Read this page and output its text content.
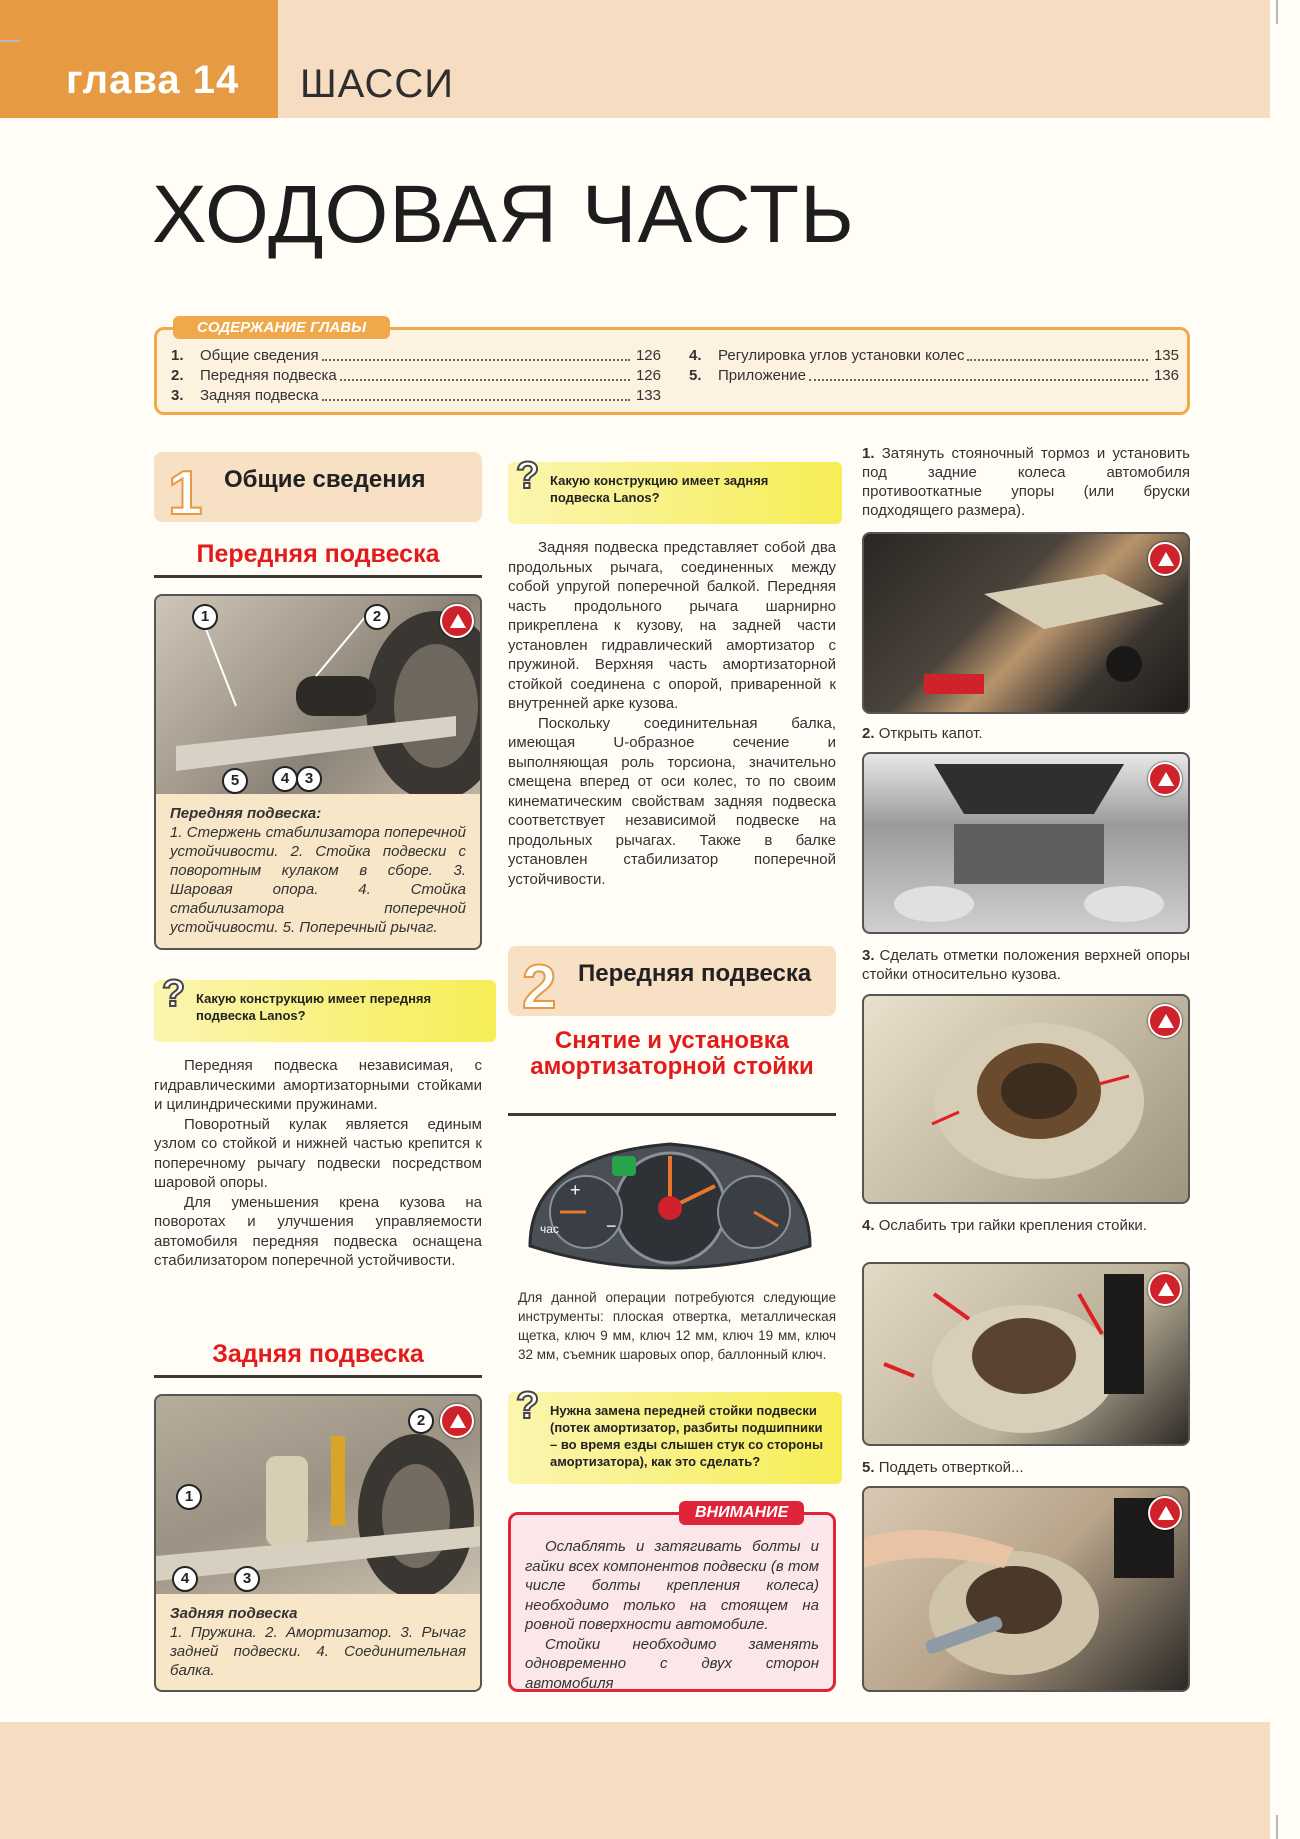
глава 14	ШАССИ
ХОДОВАЯ ЧАСТЬ
СОДЕРЖАНИЕ ГЛАВЫ
1.	Общие сведения	126
2.	Передняя подвеска	126
3.	Задняя подвеска	133
4.	Регулировка углов установки колес	135
5.	Приложение	136
1 Общие сведения
Передняя подвеска
1	2
3
4
5
Передняя подвеска:
1. Стержень стабилизатора поперечной устойчивости. 2. Стойка подвески с поворотным кулаком в сборе. 3. Шаровая опора. 4. Стойка стабилизатора поперечной устойчивости. 5. Поперечный рычаг.
? Какую конструкцию имеет передняя подвеска Lanos?

Передняя подвеска независимая, с гидравлическими амортизаторными стойками и цилиндрическими пружинами.

Поворотный кулак является единым узлом со стойкой и нижней частью крепится к поперечному рычагу подвески посредством шаровой опоры.

Для уменьшения крена кузова на поворотах и улучшения управляемости автомобиля передняя подвеска оснащена стабилизатором поперечной устойчивости.

Задняя подвеска
1
2
3
4
Задняя подвеска
1. Пружина. 2. Амортизатор. 3. Рычаг задней подвески. 4. Соединительная балка.
? Какую конструкцию имеет задняя подвеска Lanos?

Задняя подвеска представляет собой два продольных рычага, соединенных между собой упругой поперечной балкой. Передняя часть продольного рычага шарнирно прикреплена к кузову, на задней части установлен гидравлический амортизатор с пружиной. Верхняя часть амортизаторной стойкой соединена с опорой, приваренной к внутренней арке кузова.

Поскольку соединительная балка, имеющая U-образное сечение и выполняющая роль торсиона, значительно смещена вперед от оси колес, то по своим кинематическим свойствам задняя подвеска соответствует независимой подвеске на продольных рычагах. Также в балке установлен стабилизатор поперечной устойчивости.

2 Передняя подвеска
Снятие и установка амортизаторной стойки
+
−
час
Для данной операции потребуются следующие инструменты: плоская отвертка, металлическая щетка, ключ 9 мм, ключ 12 мм, ключ 19 мм, ключ 32 мм, съемник шаровых опор, баллонный ключ.
? Нужна замена передней стойки подвески (потек амортизатор, разбиты подшипники – во время езды слышен стук со стороны амортизатора), как это сделать?
ВНИМАНИЕ

Ослаблять и затягивать болты и гайки всех компонентов подвески (в том числе болты крепления колеса) необходимо только на стоящем на ровной поверхности автомобиле.

Стойки необходимо заменять одновременно с двух сторон автомобиля

1. Затянуть стояночный тормоз и установить под задние колеса автомобиля противооткатные упоры (или бруски подходящего размера).
2. Открыть капот.
3. Сделать отметки положения верхней опоры стойки относительно кузова.
4. Ослабить три гайки крепления стойки.
5. Поддеть отверткой...
